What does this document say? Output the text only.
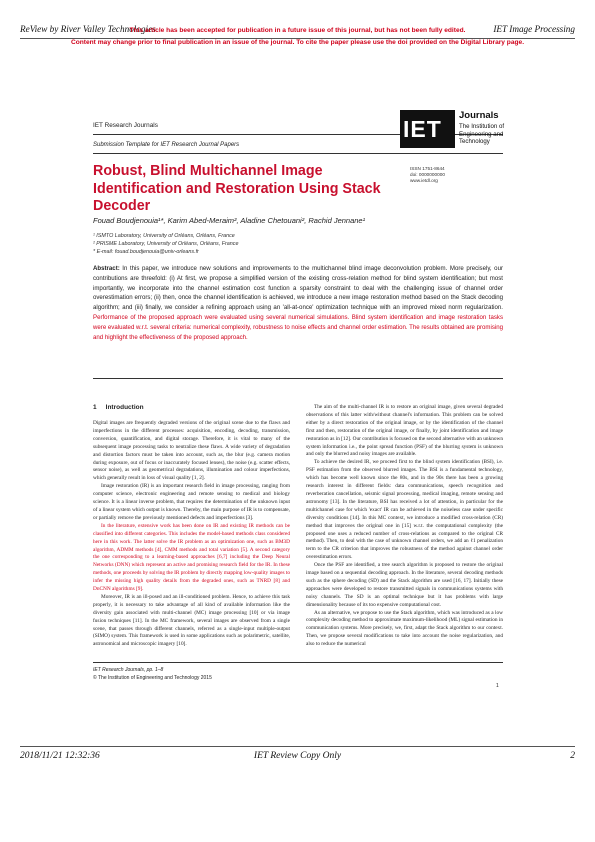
ReView by River Valley Technologies	IET Image Processing
This article has been accepted for publication in a future issue of this journal, but has not been fully edited.
Content may change prior to final publication in an issue of the journal. To cite the paper please use the doi provided on the Digital Library page.
IET Research Journals
Submission Template for IET Research Journal Papers
IET
Journals
The Institution of Engineering and Technology
ISSN 1751-8644
doi: 0000000000
www.ietdl.org
Robust, Blind Multichannel Image Identification and Restoration Using Stack Decoder
Fouad Boudjenouia¹*, Karim Abed-Meraim², Aladine Chetouani², Rachid Jennane¹
¹ ISMTO Laboratory, University of Orléans, Orléans, France
² PRISME Laboratory, University of Orléans, Orléans, France
* E-mail: fouad.boudjenouia@univ-orleans.fr
Abstract: In this paper, we introduce new solutions and improvements to the multichannel blind image deconvolution problem. More precisely, our contributions are threefold: (i) At first, we propose a simplified version of the existing cross-relation method for blind system identification; but most importantly, we incorporate into the channel estimation cost function a sparsity constraint to deal with the challenging issue of channel order overestimation errors; (ii) then, once the channel identification is achieved, we introduce a new image restoration method based on the Stack decoding algorithm; and (iii) finally, we consider a refining approach using an 'all-at-once' optimization technique with an improved mixed norm regularization. Performance of the proposed approach were evaluated using several numerical simulations. Blind system identification and image restoration tasks were evaluated w.r.t. several criteria: numerical complexity, robustness to noise effects and channel order estimation. The results obtained are promising and highlight the effectiveness of the proposed approach.
1 Introduction

Digital images are frequently degraded versions of the original scene due to the flaws and imperfections in the different processes: acquisition, encoding, decoding, transmission, conversion, quantification, and digital storage. Therefore, it is vital to many of the subsequent image processing tasks to neutralize these flaws. A wide variety of degradation and distortion factors must be taken into account, such as, the blur (e.g. camera motion during exposure, out of focus or inaccurately focused lenses), the noise (e.g. scatter effects, sensor noise), as well as geometrical degradations, illumination and colour imperfections, which generally result in loss of visual quality [1, 2].

Image restoration (IR) is an important research field in image processing, ranging from computer science, electronic engineering and remote sensing to medical and biology science. It is a linear inverse problem, that requires the determination of the unknown input of a linear system which output is known. Thereby, the main purpose of IR is to compensate, or partially remove the previously mentioned defects and imperfections [3].

In the literature, extensive work has been done on IR and existing IR methods can be classified into different categories. This includes the model-based methods class considered here in this work. The latter solve the IR problem as an optimization one, such as BM3D algorithm, ADMM methods [4], CMM methods and total variation [5]. A second category the one corresponding to a learning-based approaches [6,7] including the Deep Neural Networks (DNN) which represent an active and promising research field for the IR. In these methods, one proceeds by solving the IR problem by directly mapping low-quality images to infer the missing high quality details from the degraded ones, such as TNRD [8] and DnCNN algorithms [9].

Moreover, IR is an ill-posed and an ill-conditioned problem. Hence, to achieve this task properly, it is necessary to take advantage of all kind of available information like the diversity gain associated with multi-channel (MC) image processing [10] or via image fusion techniques [11]. In the MC framework, several images are observed from a single scene, that passes through different channels, referred as a single-input multiple-output (SIMO) system. This framework is used in some applications such as polarimetric, satellite, astronomical and microscopic imagery [10].

The aim of the multi-channel IR is to restore an original image, given several degraded observations of this latter with/without channel's information. This problem can be solved either by a direct restoration of the original image, or by the identification of the channel first and then, restoration of the original image, or finally, by joint identification and image restoration as in [12]. Our contribution is focused on the second alternative with an unknown system information i.e., the point spread function (PSF) of the blurring system is unknown and only the blurred and noisy images are available.

To achieve the desired IR, we proceed first to the blind system identification (BSI), i.e. PSF estimation from the observed blurred images. The BSI is a fundamental technology, which has become well known since the 80s, and in the 90s there has been a growing research interest in different fields: data communications, speech recognition and reverberation cancellation, seismic signal processing, medical imaging, remote sensing and astronomy [13]. In the literature, BSI has received a lot of attention, in particular for the multichannel case for which 'exact' IR can be achieved in the noiseless case under specific diversity conditions [14]. In this MC context, we introduce a modified cross-relation (CR) method that improves the original one in [15] w.r.t. the computational complexity (the proposed one uses a reduced number of cross-relations as compared to the original CR method). Then, to deal with the case of unknown channel orders, we add an ℓ1 penalization term to the CR criterion that improves the robustness of the method against channel order overestimation errors.

Once the PSF are identified, a tree search algorithm is proposed to restore the original image based on a sequential decoding approach. In the literature, several decoding methods such as the sphere decoding (SD) and the Stack algorithm are used [16, 17]. Initially these approaches were developed to restore transmitted signals in communications systems with noisy channels. The SD is an optimal technique but it has problems with large dimensionality because of its too expensive computational cost.

As an alternative, we propose to use the Stack algorithm, which was introduced as a low complexity decoding method to approximate maximum-likelihood (ML) signal estimation in communication systems. More precisely, we, first, adapt the Stack algorithm to our context. Then, we propose several modifications to take into account the noise regularization, and also to reduce the numerical

IET Research Journals, pp. 1–8
© The Institution of Engineering and Technology 2015
1
2018/11/21 12:32:36	IET Review Copy Only	2
